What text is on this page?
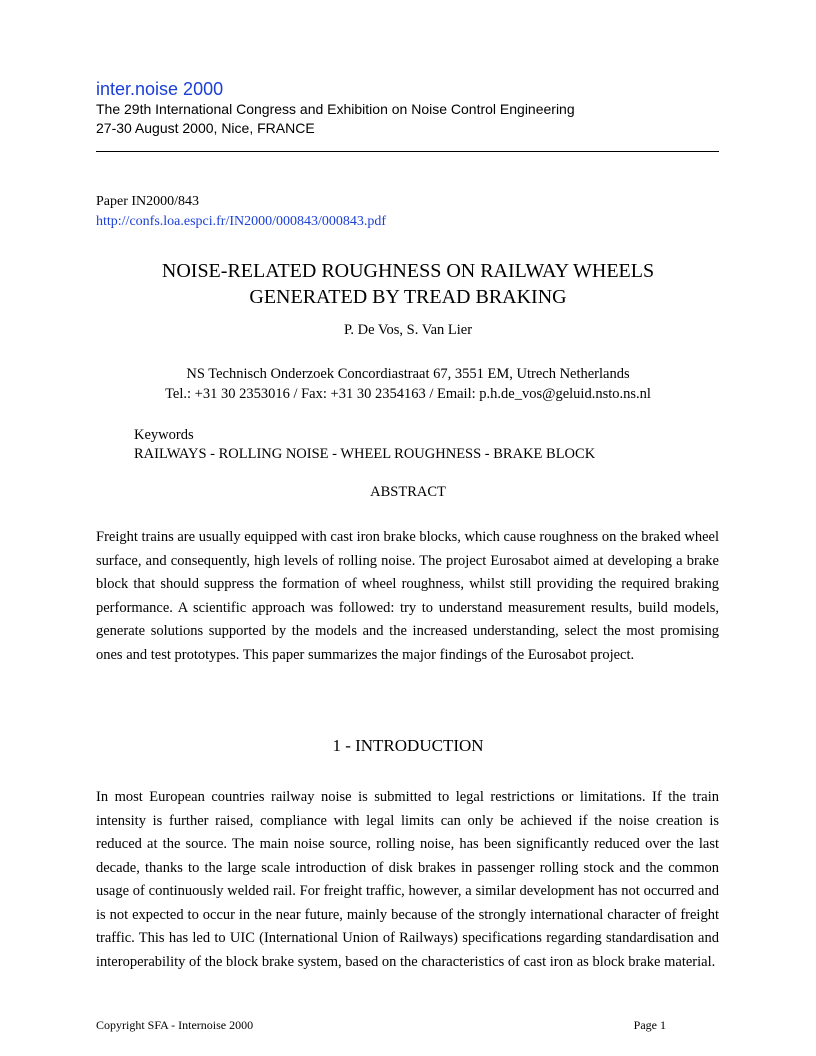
inter.noise 2000
The 29th International Congress and Exhibition on Noise Control Engineering
27-30 August 2000, Nice, FRANCE
Paper IN2000/843
http://confs.loa.espci.fr/IN2000/000843/000843.pdf
NOISE-RELATED ROUGHNESS ON RAILWAY WHEELS
GENERATED BY TREAD BRAKING
P. De Vos, S. Van Lier
NS Technisch Onderzoek Concordiastraat 67, 3551 EM, Utrech Netherlands
Tel.: +31 30 2353016 / Fax: +31 30 2354163 / Email: p.h.de_vos@geluid.nsto.ns.nl
Keywords
RAILWAYS - ROLLING NOISE - WHEEL ROUGHNESS - BRAKE BLOCK
ABSTRACT
Freight trains are usually equipped with cast iron brake blocks, which cause roughness on the braked wheel surface, and consequently, high levels of rolling noise. The project Eurosabot aimed at developing a brake block that should suppress the formation of wheel roughness, whilst still providing the required braking performance. A scientific approach was followed: try to understand measurement results, build models, generate solutions supported by the models and the increased understanding, select the most promising ones and test prototypes. This paper summarizes the major findings of the Eurosabot project.
1 - INTRODUCTION
In most European countries railway noise is submitted to legal restrictions or limitations. If the train intensity is further raised, compliance with legal limits can only be achieved if the noise creation is reduced at the source. The main noise source, rolling noise, has been significantly reduced over the last decade, thanks to the large scale introduction of disk brakes in passenger rolling stock and the common usage of continuously welded rail. For freight traffic, however, a similar development has not occurred and is not expected to occur in the near future, mainly because of the strongly international character of freight traffic. This has led to UIC (International Union of Railways) specifications regarding standardisation and interoperability of the block brake system, based on the characteristics of cast iron as block brake material.
Copyright SFA - Internoise 2000	Page 1
